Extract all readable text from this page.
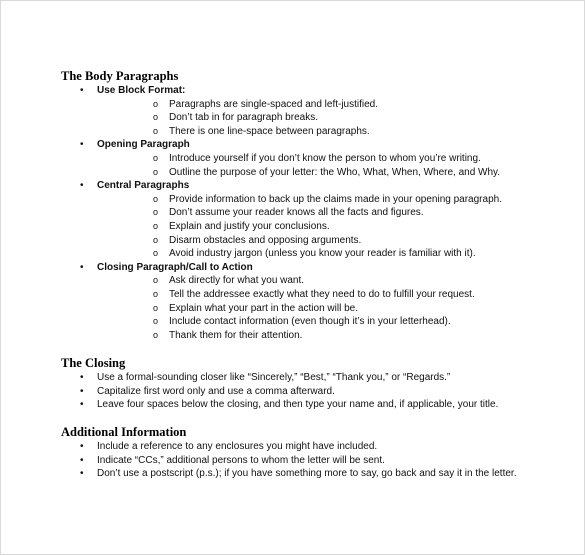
The Body Paragraphs
• Use Block Format:
o Paragraphs are single-spaced and left-justified.
o Don’t tab in for paragraph breaks.
o There is one line-space between paragraphs.
• Opening Paragraph
o Introduce yourself if you don’t know the person to whom you’re writing.
o Outline the purpose of your letter: the Who, What, When, Where, and Why.
• Central Paragraphs
o Provide information to back up the claims made in your opening paragraph.
o Don’t assume your reader knows all the facts and figures.
o Explain and justify your conclusions.
o Disarm obstacles and opposing arguments.
o Avoid industry jargon (unless you know your reader is familiar with it).
• Closing Paragraph/Call to Action
o Ask directly for what you want.
o Tell the addressee exactly what they need to do to fulfill your request.
o Explain what your part in the action will be.
o Include contact information (even though it’s in your letterhead).
o Thank them for their attention.
The Closing
• Use a formal-sounding closer like “Sincerely,” “Best,” “Thank you,” or “Regards.”
• Capitalize first word only and use a comma afterward.
• Leave four spaces below the closing, and then type your name and, if applicable, your title.
Additional Information
• Include a reference to any enclosures you might have included.
• Indicate “CCs,” additional persons to whom the letter will be sent.
• Don’t use a postscript (p.s.); if you have something more to say, go back and say it in the letter.
